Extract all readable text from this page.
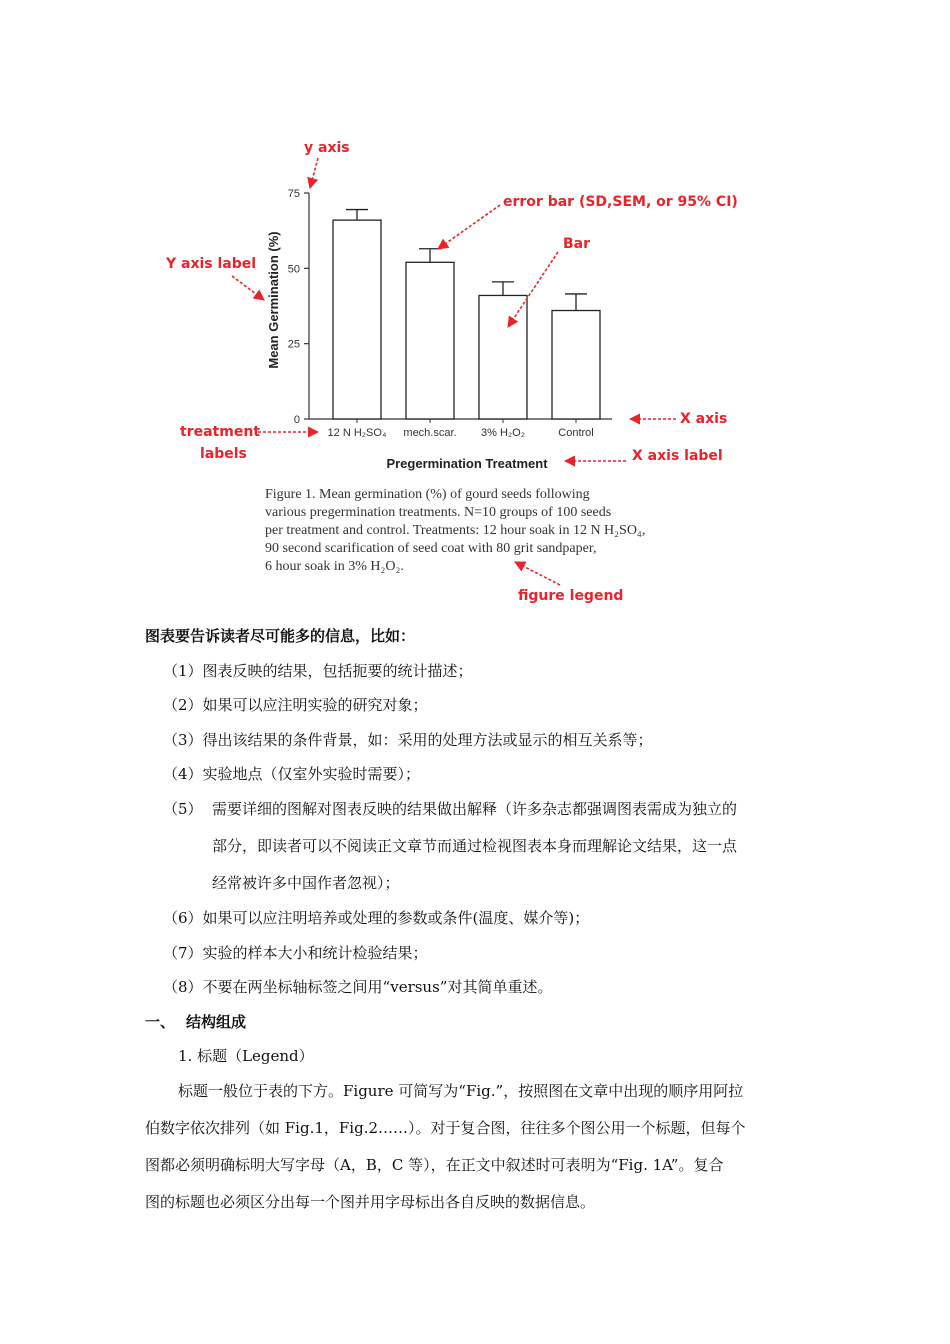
0
25
50
75
12 N H₂SO₄ mech.scar. 3% H₂O₂	Control
Mean Germination (%)
Pregermination Treatment
y axis
error bar (SD,SEM, or 95% CI)
Bar
Y axis label
X axis
treatment
labels	X axis label
Figure 1. Mean germination (%) of gourd seeds following
various pregermination treatments. N=10 groups of 100 seeds
per treatment and control. Treatments: 12 hour soak in 12 N H₂SO₄,
90 second scarification of seed coat with 80 grit sandpaper,
6 hour soak in 3% H₂O₂.
figure legend
图表要告诉读者尽可能多的信息，比如：
（1）图表反映的结果，包括扼要的统计描述；
（2）如果可以应注明实验的研究对象；
（3）得出该结果的条件背景，如：采用的处理方法或显示的相互关系等；
（4）实验地点（仅室外实验时需要）；
（5） 需要详细的图解对图表反映的结果做出解释（许多杂志都强调图表需成为独立的
部分，即读者可以不阅读正文章节而通过检视图表本身而理解论文结果，这一点
经常被许多中国作者忽视）；
（6）如果可以应注明培养或处理的参数或条件(温度、媒介等)；
（7）实验的样本大小和统计检验结果；
（8）不要在两坐标轴标签之间用“versus”对其简单重述。
一、 结构组成
1. 标题（Legend）
标题一般位于表的下方。Figure 可简写为“Fig.”，按照图在文章中出现的顺序用阿拉
伯数字依次排列（如 Fig.1，Fig.2……）。对于复合图，往往多个图公用一个标题，但每个
图都必须明确标明大写字母（A，B，C 等），在正文中叙述时可表明为“Fig. 1A”。复合
图的标题也必须区分出每一个图并用字母标出各自反映的数据信息。
